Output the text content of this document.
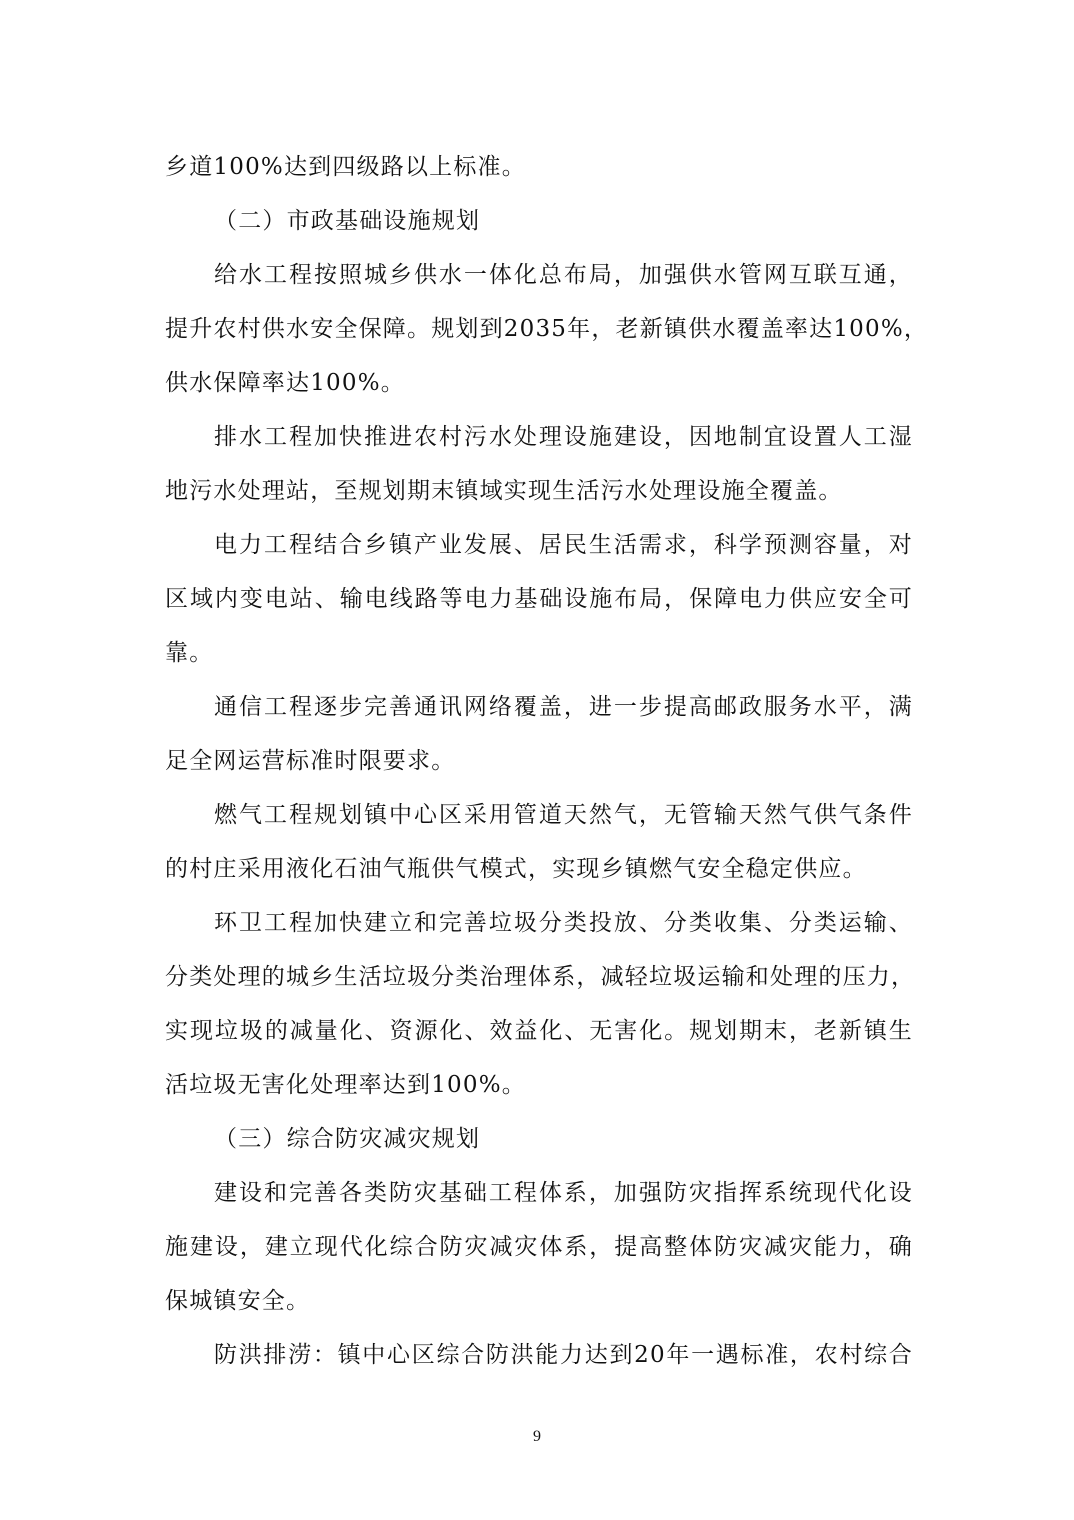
乡道100%达到四级路以上标准。
（二）市政基础设施规划
给水工程按照城乡供水一体化总布局，加强供水管网互联互通，
提升农村供水安全保障。规划到2035年，老新镇供水覆盖率达100%，
供水保障率达100%。
排水工程加快推进农村污水处理设施建设，因地制宜设置人工湿
地污水处理站，至规划期末镇域实现生活污水处理设施全覆盖。
电力工程结合乡镇产业发展、居民生活需求，科学预测容量，对
区域内变电站、输电线路等电力基础设施布局，保障电力供应安全可
靠。
通信工程逐步完善通讯网络覆盖，进一步提高邮政服务水平，满
足全网运营标准时限要求。
燃气工程规划镇中心区采用管道天然气，无管输天然气供气条件
的村庄采用液化石油气瓶供气模式，实现乡镇燃气安全稳定供应。
环卫工程加快建立和完善垃圾分类投放、分类收集、分类运输、
分类处理的城乡生活垃圾分类治理体系，减轻垃圾运输和处理的压力，
实现垃圾的减量化、资源化、效益化、无害化。规划期末，老新镇生
活垃圾无害化处理率达到100%。
（三）综合防灾减灾规划
建设和完善各类防灾基础工程体系，加强防灾指挥系统现代化设
施建设，建立现代化综合防灾减灾体系，提高整体防灾减灾能力，确
保城镇安全。
防洪排涝：镇中心区综合防洪能力达到20年一遇标准，农村综合
9
